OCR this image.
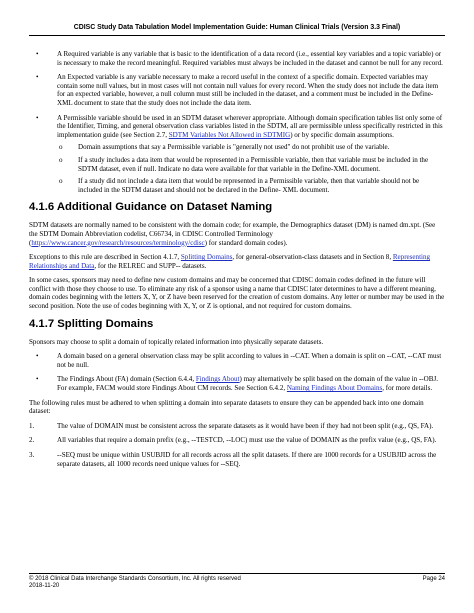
CDISC Study Data Tabulation Model Implementation Guide: Human Clinical Trials (Version 3.3 Final)
•	A Required variable is any variable that is basic to the identification of a data record (i.e., essential key variables and a topic variable) or is necessary to make the record meaningful. Required variables must always be included in the dataset and cannot be null for any record.
•	An Expected variable is any variable necessary to make a record useful in the context of a specific domain. Expected variables may contain some null values, but in most cases will not contain null values for every record. When the study does not include the data item for an expected variable, however, a null column must still be included in the dataset, and a comment must be included in the Define-XML document to state that the study does not include the data item.
•	A Permissible variable should be used in an SDTM dataset wherever appropriate. Although domain specification tables list only some of the Identifier, Timing, and general observation class variables listed in the SDTM, all are permissible unless specifically restricted in this implementation guide (see Section 2.7, SDTM Variables Not Allowed in SDTMIG) or by specific domain assumptions.
o Domain assumptions that say a Permissible variable is "generally not used" do not prohibit use of the variable.
o If a study includes a data item that would be represented in a Permissible variable, then that variable must be included in the SDTM dataset, even if null. Indicate no data were available for that variable in the Define-XML document.
o If a study did not include a data item that would be represented in a Permissible variable, then that variable should not be included in the SDTM dataset and should not be declared in the Define- XML document.
4.1.6 Additional Guidance on Dataset Naming

SDTM datasets are normally named to be consistent with the domain code; for example, the Demographics dataset (DM) is named dm.xpt. (See the SDTM Domain Abbreviation codelist, C66734, in CDISC Controlled Terminology (https://www.cancer.gov/research/resources/terminology/cdisc) for standard domain codes).

Exceptions to this rule are described in Section 4.1.7, Splitting Domains, for general-observation-class datasets and in Section 8, Representing Relationships and Data, for the RELREC and SUPP-- datasets.

In some cases, sponsors may need to define new custom domains and may be concerned that CDISC domain codes defined in the future will conflict with those they choose to use. To eliminate any risk of a sponsor using a name that CDISC later determines to have a different meaning, domain codes beginning with the letters X, Y, or Z have been reserved for the creation of custom domains. Any letter or number may be used in the second position. Note the use of codes beginning with X, Y, or Z is optional, and not required for custom domains.

4.1.7 Splitting Domains

Sponsors may choose to split a domain of topically related information into physically separate datasets.

•	A domain based on a general observation class may be split according to values in --CAT. When a domain is split on --CAT, --CAT must not be null.
•	The Findings About (FA) domain (Section 6.4.4, Findings About) may alternatively be split based on the domain of the value in --OBJ. For example, FACM would store Findings About CM records. See Section 6.4.2, Naming Findings About Domains, for more details.

The following rules must be adhered to when splitting a domain into separate datasets to ensure they can be appended back into one domain dataset:

1.	The value of DOMAIN must be consistent across the separate datasets as it would have been if they had not been split (e.g., QS, FA).
2.	All variables that require a domain prefix (e.g., --TESTCD, --LOC) must use the value of DOMAIN as the prefix value (e.g., QS, FA).
3.	--SEQ must be unique within USUBJID for all records across all the split datasets. If there are 1000 records for a USUBJID across the separate datasets, all 1000 records need unique values for --SEQ.
© 2018 Clinical Data Interchange Standards Consortium, Inc. All rights reserved
2018-11-20
Page 24
